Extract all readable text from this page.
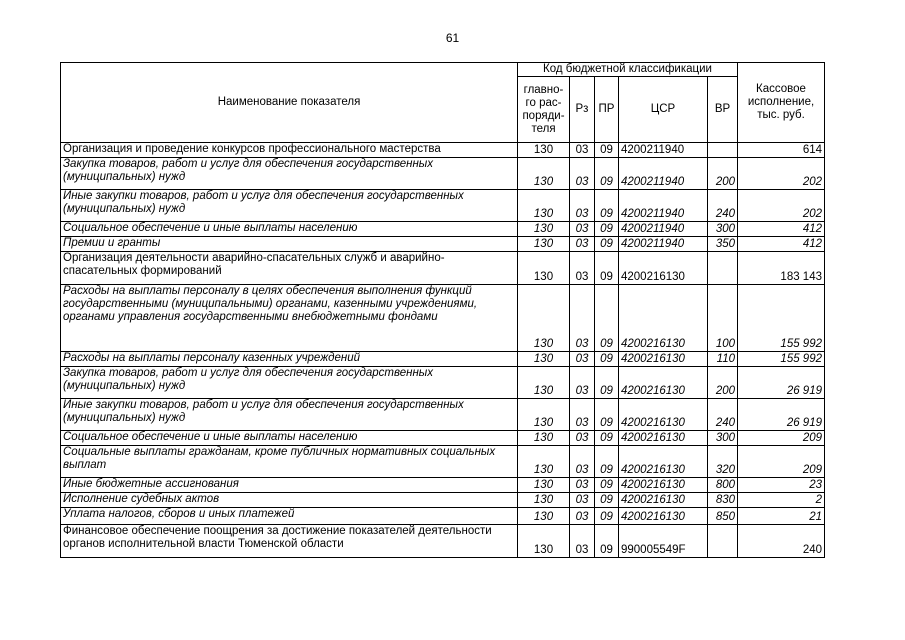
61
Наименование показателя	Код бюджетной классификации					Кассовое исполнение, тыс. руб.
	главно-го рас-поряди-теля	Рз	ПР	ЦСР	ВР	
Организация и проведение конкурсов профессионального мастерства	130	03	09	4200211940		614
Закупка товаров, работ и услуг для обеспечения государственных (муниципальных) нужд	130	03	09	4200211940	200	202
Иные закупки товаров, работ и услуг для обеспечения государственных (муниципальных) нужд	130	03	09	4200211940	240	202
Социальное обеспечение и иные выплаты населению	130	03	09	4200211940	300	412
Премии и гранты	130	03	09	4200211940	350	412
Организация деятельности аварийно-спасательных служб и аварийно-спасательных формирований	130	03	09	4200216130		183 143
Расходы на выплаты персоналу в целях обеспечения выполнения функций государственными (муниципальными) органами, казенными учреждениями, органами управления государственными внебюджетными фондами	130	03	09	4200216130	100	155 992
Расходы на выплаты персоналу казенных учреждений	130	03	09	4200216130	110	155 992
Закупка товаров, работ и услуг для обеспечения государственных (муниципальных) нужд	130	03	09	4200216130	200	26 919
Иные закупки товаров, работ и услуг для обеспечения государственных (муниципальных) нужд	130	03	09	4200216130	240	26 919
Социальное обеспечение и иные выплаты населению	130	03	09	4200216130	300	209
Социальные выплаты гражданам, кроме публичных нормативных социальных выплат	130	03	09	4200216130	320	209
Иные бюджетные ассигнования	130	03	09	4200216130	800	23
Исполнение судебных актов	130	03	09	4200216130	830	2
Уплата налогов, сборов и иных платежей	130	03	09	4200216130	850	21
Финансовое обеспечение поощрения за достижение показателей деятельности органов исполнительной власти Тюменской области	130	03	09	990005549F		240
